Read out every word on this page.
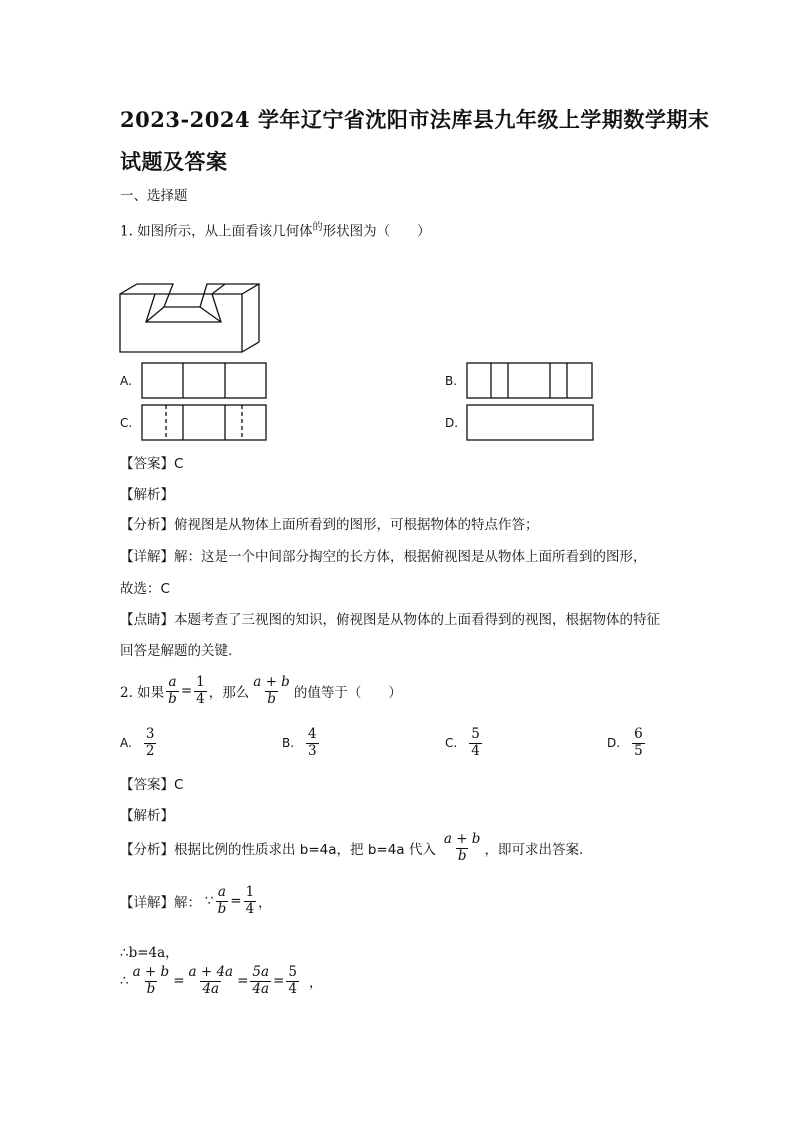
2023-2024 学年辽宁省沈阳市法库县九年级上学期数学期末
试题及答案
一、选择题
1. 如图所示，从上面看该几何体$^的$形状图为（　　）
A.	B.
C.	D.
【答案】C
【解析】
【分析】俯视图是从物体上面所看到的图形，可根据物体的特点作答；
【详解】解：这是一个中间部分掏空的长方体，根据俯视图是从物体上面所看到的图形，
故选：C
【点睛】本题考查了三视图的知识，俯视图是从物体的上面看得到的视图，根据物体的特征
回答是解题的关键.
2. 如果 $\frac{a}{b} = \frac{1}{4}$ ，那么 $\frac{a + b}{b}$ 的值等于（　　）
A. $\frac{3}{2}$	B. $\frac{4}{3}$	C. $\frac{5}{4}$	D. $\frac{6}{5}$
【答案】C
【解析】
【分析】根据比例的性质求出 b=4a，把 b=4a 代入 $\frac{a + b}{b}$ ，即可求出答案.
【详解】解： ∵ $\frac{a}{b} = \frac{1}{4}$ ，
∴b=4a，
∴ $\frac{a + b}{b} = \frac{a + 4a}{4a} = \frac{5a}{4a} = \frac{5}{4}$ ，
